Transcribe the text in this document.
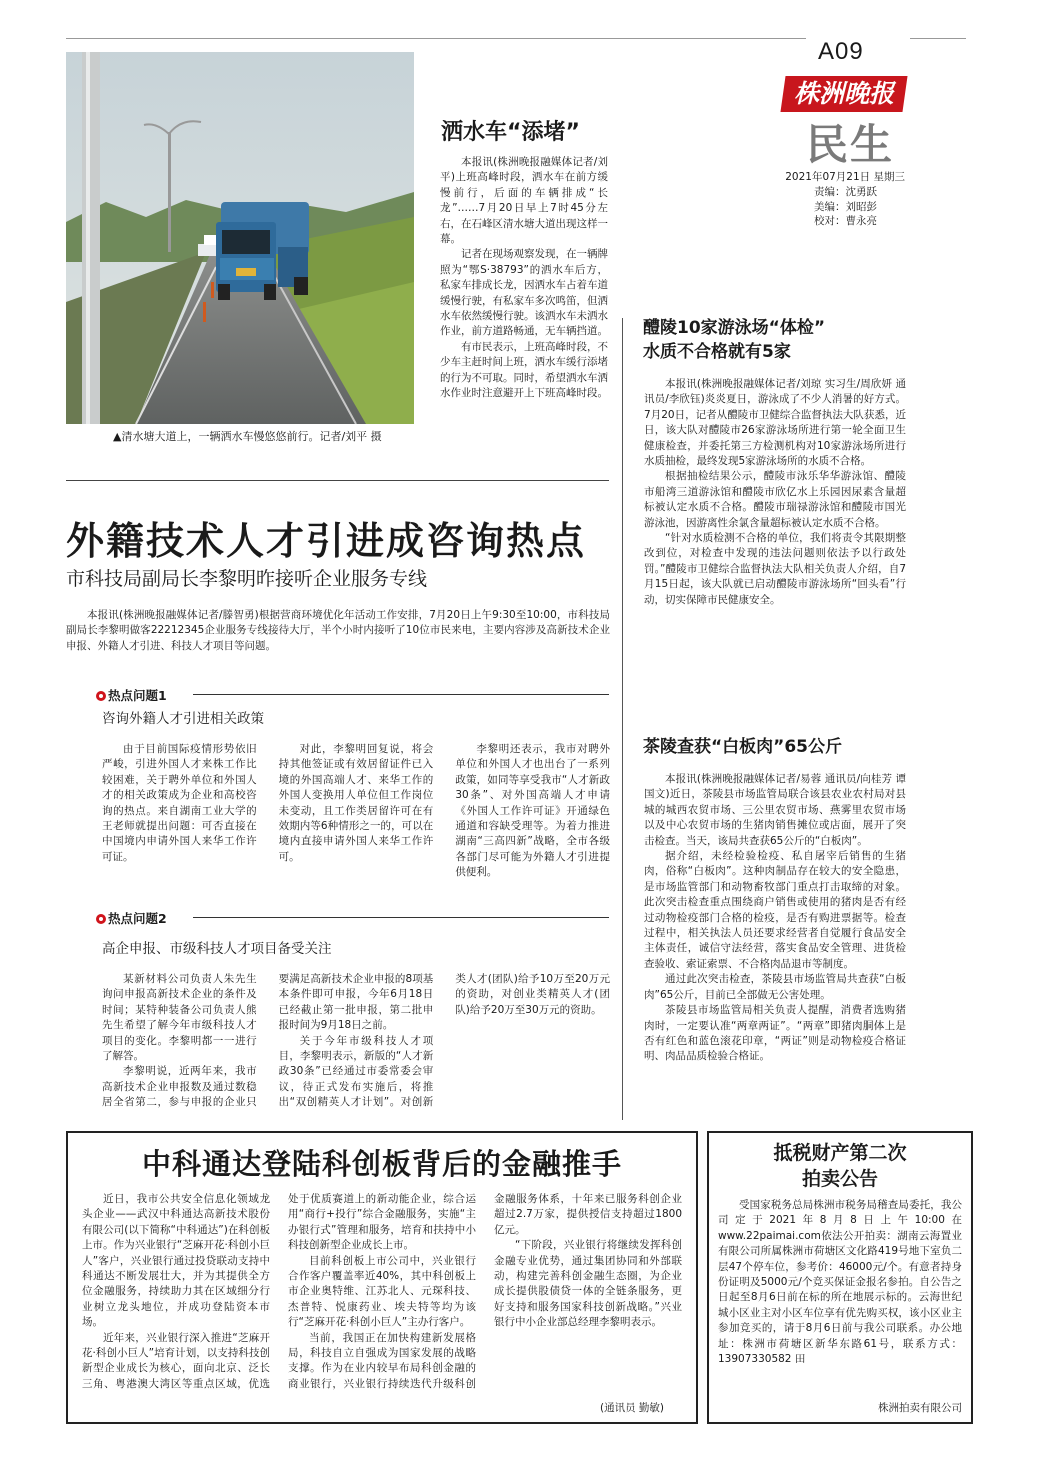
A09
株洲晚报
民生
2021年07月21日 星期三
责编：沈勇跃
美编：刘昭彭
校对：曹永亮
▲清水塘大道上，一辆洒水车慢悠悠前行。记者/刘平 摄
洒水车“添堵”

本报讯(株洲晚报融媒体记者/刘平)上班高峰时段，洒水车在前方缓慢前行，后面的车辆排成“长龙”……7月20日早上7时45分左右，在石峰区清水塘大道出现这样一幕。

记者在现场观察发现，在一辆牌照为“鄂S·38793”的洒水车后方，私家车排成长龙，因洒水车占着车道缓慢行驶，有私家车多次鸣笛，但洒水车依然缓慢行驶。该洒水车未洒水作业，前方道路畅通，无车辆挡道。

有市民表示，上班高峰时段，不少车主赶时间上班，洒水车缓行添堵的行为不可取。同时，希望洒水车洒水作业时注意避开上下班高峰时段。

醴陵10家游泳场“体检”
水质不合格就有5家

本报讯(株洲晚报融媒体记者/刘琼 实习生/周欣妍 通讯员/李欣钰)炎炎夏日，游泳成了不少人消暑的好方式。7月20日，记者从醴陵市卫健综合监督执法大队获悉，近日，该大队对醴陵市26家游泳场所进行第一轮全面卫生健康检查，并委托第三方检测机构对10家游泳场所进行水质抽检，最终发现5家游泳场所的水质不合格。

根据抽检结果公示，醴陵市泳乐华华游泳馆、醴陵市船湾三道游泳馆和醴陵市欣亿水上乐园因尿素含量超标被认定水质不合格。醴陵市瑞禄游泳馆和醴陵市国光游泳池，因游离性余氯含量超标被认定水质不合格。

“针对水质检测不合格的单位，我们将责令其限期整改到位，对检查中发现的违法问题则依法予以行政处罚。”醴陵市卫健综合监督执法大队相关负责人介绍，自7月15日起，该大队就已启动醴陵市游泳场所“回头看”行动，切实保障市民健康安全。

外籍技术人才引进成咨询热点
市科技局副局长李黎明昨接听企业服务专线
本报讯(株洲晚报融媒体记者/滕智勇)根据营商环境优化年活动工作安排，7月20日上午9:30至10:00，市科技局副局长李黎明做客22212345企业服务专线接待大厅，半个小时内接听了10位市民来电，主要内容涉及高新技术企业申报、外籍人才引进、科技人才项目等问题。
热点问题1
咨询外籍人才引进相关政策

由于目前国际疫情形势依旧严峻，引进外国人才来株工作比较困难，关于聘外单位和外国人才的相关政策成为企业和高校咨询的热点。来自湖南工业大学的王老师就提出问题：可否直接在中国境内申请外国人来华工作许可证。

对此，李黎明回复说，将会持其他签证或有效居留证件已入境的外国高端人才、来华工作的外国人变换用人单位但工作岗位未变动，且工作类居留许可在有效期内等6种情形之一的，可以在境内直接申请外国人来华工作许可。

李黎明还表示，我市对聘外单位和外国人才也出台了一系列政策，如同等享受我市“人才新政30条”、对外国高端人才申请《外国人工作许可证》开通绿色通道和容缺受理等。为着力推进湖南“三高四新”战略，全市各级各部门尽可能为外籍人才引进提供便利。

热点问题2
高企申报、市级科技人才项目备受关注

某新材料公司负责人朱先生询问申报高新技术企业的条件及时间；某特种装备公司负责人熊先生希望了解今年市级科技人才项目的变化。李黎明都一一进行了解答。

李黎明说，近两年来，我市高新技术企业申报数及通过数稳居全省第二，参与申报的企业只要满足高新技术企业申报的8项基本条件即可申报，今年6月18日已经截止第一批申报，第二批申报时间为9月18日之前。

关于今年市级科技人才项目，李黎明表示，新版的“人才新政30条”已经通过市委常委会审议，待正式发布实施后，将推出“双创精英人才计划”。对创新类人才(团队)给予10万至20万元的资助，对创业类精英人才(团队)给予20万至30万元的资助。

茶陵查获“白板肉”65公斤

本报讯(株洲晚报融媒体记者/易蓉 通讯员/向桂芳 谭国文)近日，茶陵县市场监管局联合该县农业农村局对县城的城西农贸市场、三公里农贸市场、燕雾里农贸市场以及中心农贸市场的生猪肉销售摊位或店面，展开了突击检查。当天，该局共查获65公斤的“白板肉”。

据介绍，未经检验检疫、私自屠宰后销售的生猪肉，俗称“白板肉”。这种肉制品存在较大的安全隐患，是市场监管部门和动物畜牧部门重点打击取缔的对象。此次突击检查重点围绕商户销售或使用的猪肉是否有经过动物检疫部门合格的检疫，是否有购进票据等。检查过程中，相关执法人员还要求经营者自觉履行食品安全主体责任，诚信守法经营，落实食品安全管理、进货检查验收、索证索票、不合格肉品退市等制度。

通过此次突击检查，茶陵县市场监管局共查获“白板肉”65公斤，目前已全部做无公害处理。

茶陵县市场监管局相关负责人提醒，消费者选购猪肉时，一定要认准“两章两证”。“两章”即猪肉胴体上是否有红色和蓝色滚花印章，“两证”则是动物检疫合格证明、肉品品质检验合格证。

中科通达登陆科创板背后的金融推手

近日，我市公共安全信息化领域龙头企业——武汉中科通达高新技术股份有限公司(以下简称“中科通达”)在科创板上市。作为兴业银行“芝麻开花·科创小巨人”客户，兴业银行通过投贷联动支持中科通达不断发展壮大，并为其提供全方位金融服务，持续助力其在区域细分行业树立龙头地位，并成功登陆资本市场。

近年来，兴业银行深入推进“芝麻开花·科创小巨人”培育计划，以支持科技创新型企业成长为核心，面向北京、泛长三角、粤港澳大湾区等重点区域，优选处于优质赛道上的新动能企业，综合运用“商行+投行”综合金融服务，实施“主办银行式”管理和服务，培育和扶持中小科技创新型企业成长上市。

目前科创板上市公司中，兴业银行合作客户覆盖率近40%，其中科创板上市企业奥特维、江苏北人、元琛科技、杰普特、悦康药业、埃夫特等均为该行“芝麻开花·科创小巨人”主办行客户。

当前，我国正在加快构建新发展格局，科技自立自强成为国家发展的战略支撑。作为在业内较早布局科创金融的商业银行，兴业银行持续迭代升级科创金融服务体系，十年来已服务科创企业超过2.7万家，提供授信支持超过1800亿元。

“下阶段，兴业银行将继续发挥科创金融专业优势，通过集团协同和外部联动，构建完善科创金融生态圈，为企业成长提供股债贷一体的全链条服务，更好支持和服务国家科技创新战略。”兴业银行中小企业部总经理李黎明表示。

(通讯员 勤敏)
抵税财产第二次
拍卖公告
受国家税务总局株洲市税务局稽查局委托，我公司定于2021年8月8日上午10:00在www.22paimai.com依法公开拍卖：湖南云海置业有限公司所属株洲市荷塘区文化路419号地下室负二层47个停车位，参考价：46000元/个。有意者持身份证明及5000元/个竞买保证金报名参拍。自公告之日起至8月6日前在标的所在地展示标的。云海世纪城小区业主对小区车位享有优先购买权，该小区业主参加竞买的，请于8月6日前与我公司联系。办公地址：株洲市荷塘区新华东路61号，联系方式：13907330582 田
株洲拍卖有限公司
